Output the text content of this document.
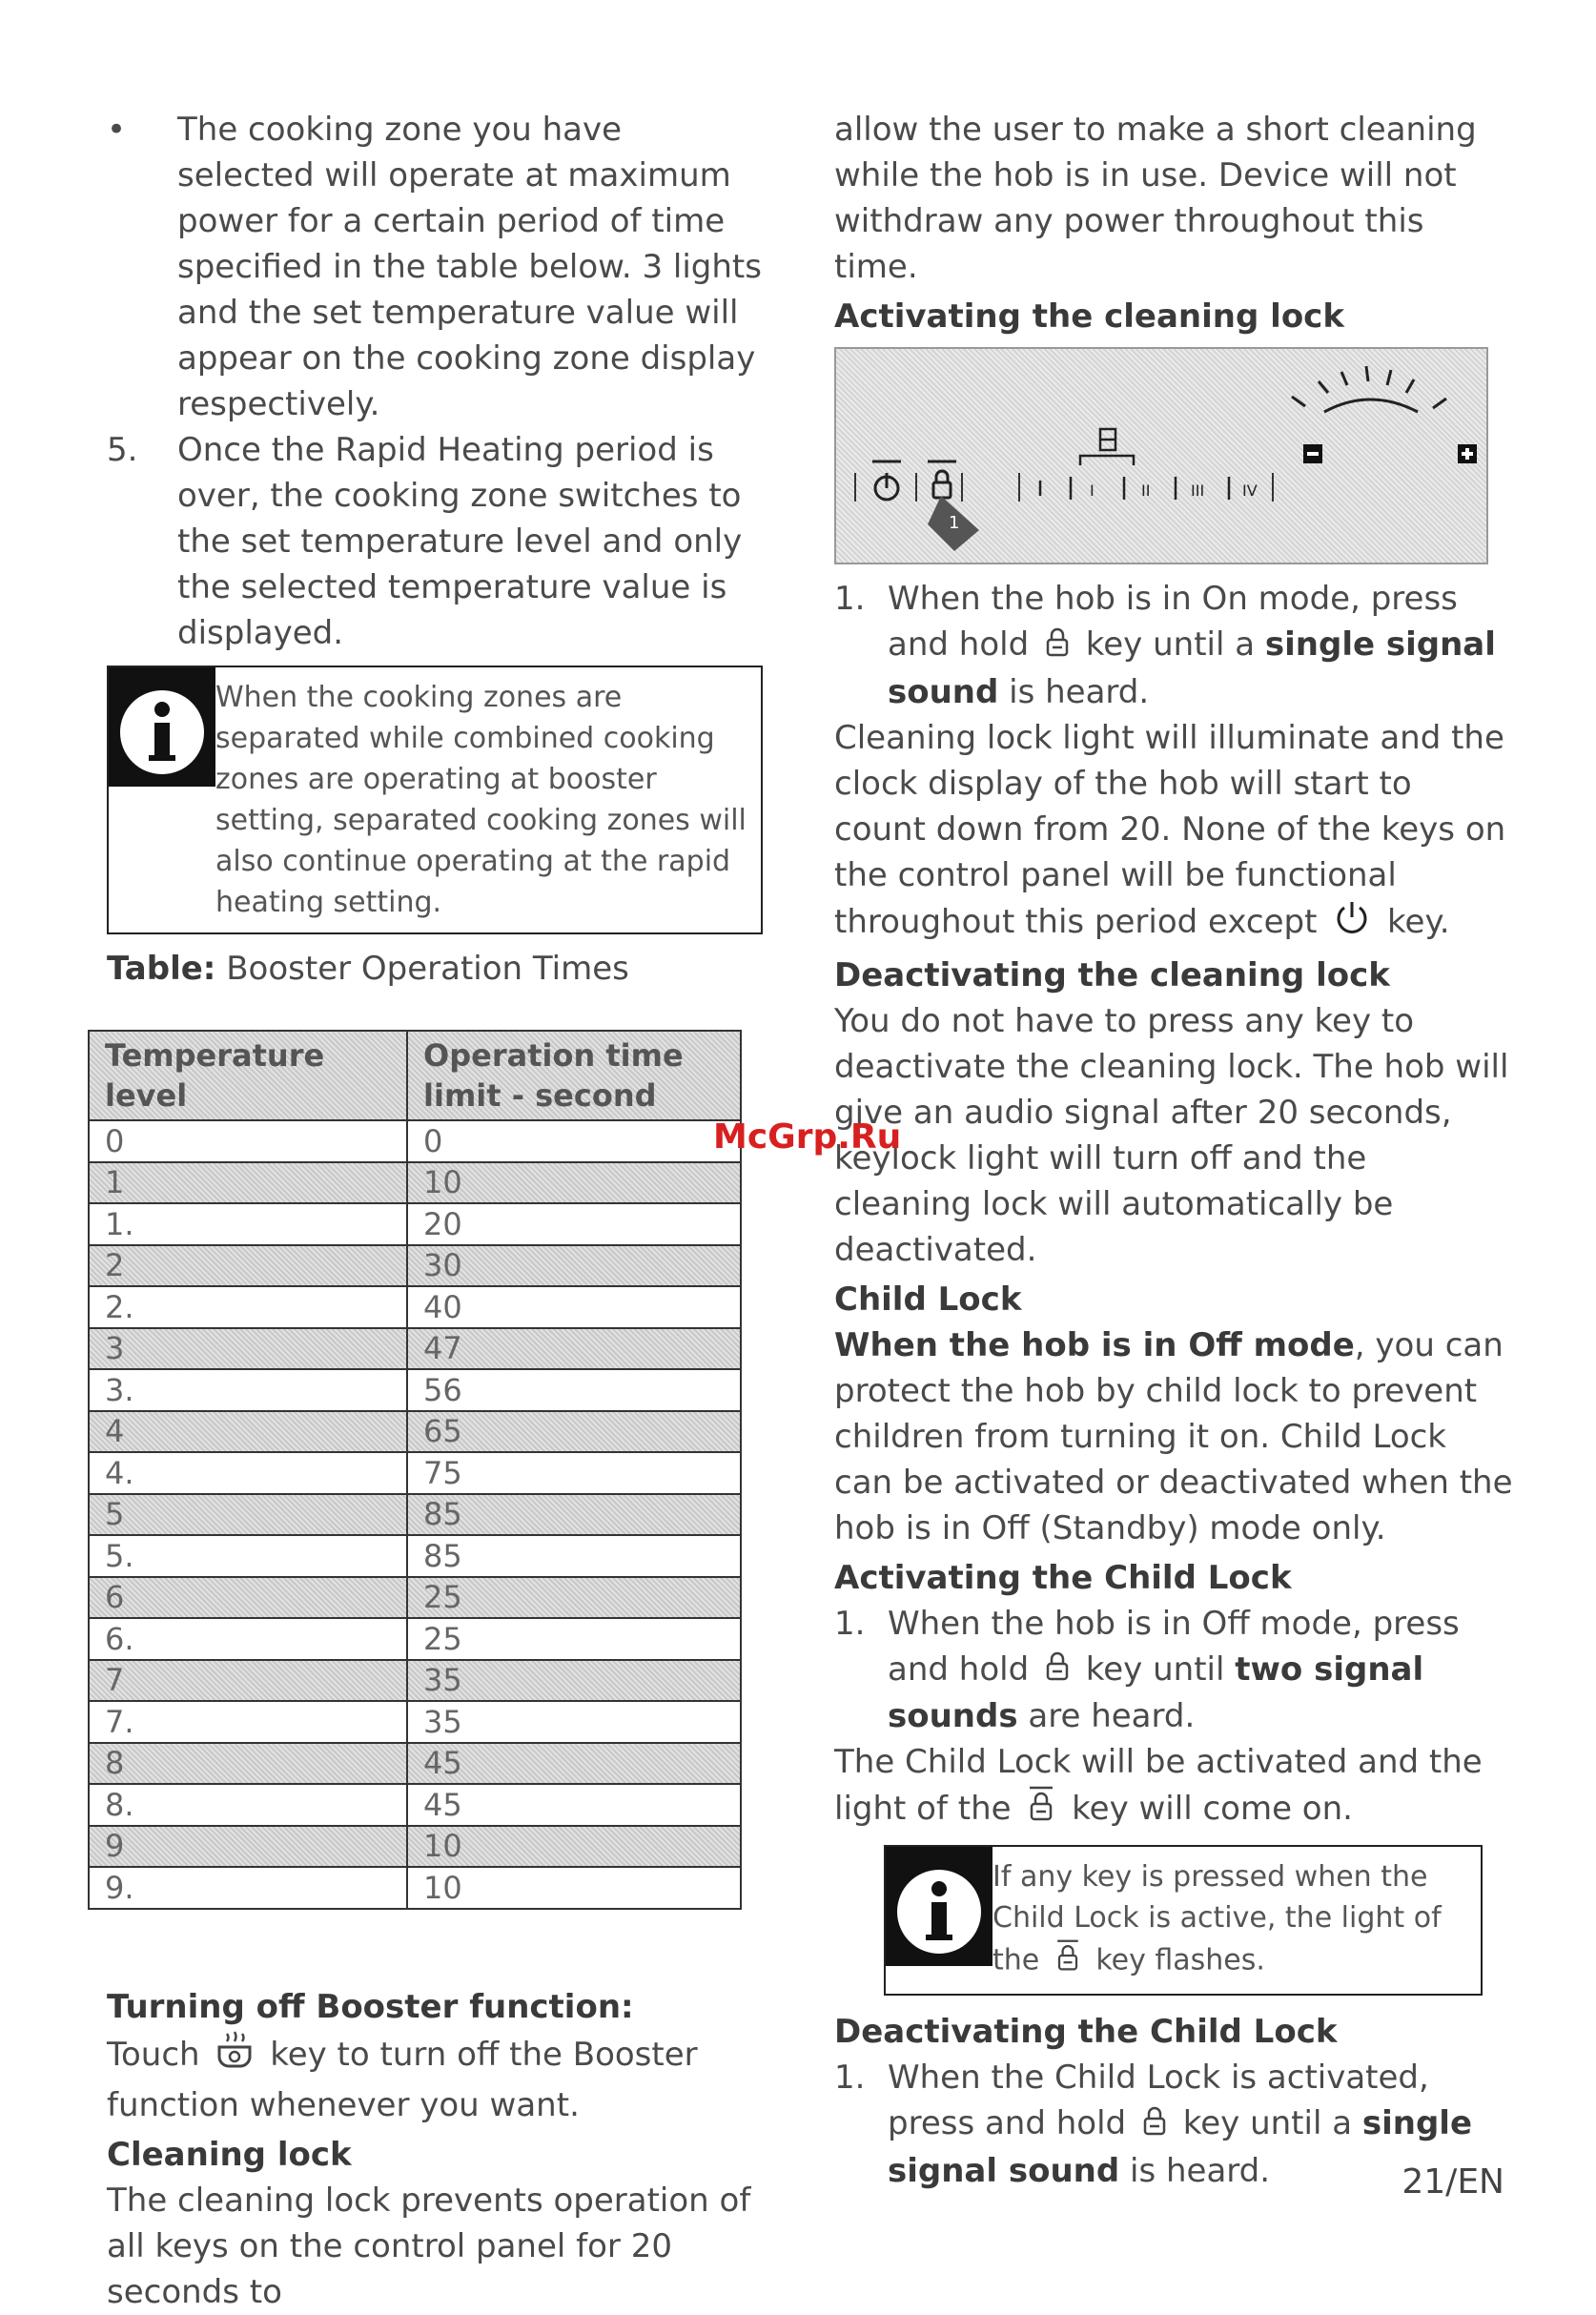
•	The cooking zone you have selected will operate at maximum power for a certain period of time specified in the table below. 3 lights and the set temperature value will appear on the cooking zone display respectively.
5.	Once the Rapid Heating period is over, the cooking zone switches to the set temperature level and only the selected temperature value is displayed.
When the cooking zones are separated while combined cooking zones are operating at booster setting, separated cooking zones will also continue operating at the rapid heating setting.

Table: Booster Operation Times

Temperature level	Operation time limit - second
0	0
1	10
1.	20
2	30
2.	40
3	47
3.	56
4	65
4.	75
5	85
5.	85
6	25
6.	25
7	35
7.	35
8	45
8.	45
9	10
9.	10

Turning off Booster function:

Touch key to turn off the Booster function whenever you want.

Cleaning lock

The cleaning lock prevents operation of all keys on the control panel for 20 seconds to

allow the user to make a short cleaning while the hob is in use. Device will not withdraw any power throughout this time.

Activating the cleaning lock

I	II	III IV
1
1. When the hob is in On mode, press and hold key until a single signal sound is heard.

Cleaning lock light will illuminate and the clock display of the hob will start to count down from 20. None of the keys on the control panel will be functional throughout this period except key.

Deactivating the cleaning lock

You do not have to press any key to deactivate the cleaning lock. The hob will give an audio signal after 20 seconds, keylock light will turn off and the cleaning lock will automatically be deactivated.

Child Lock

When the hob is in Off mode, you can protect the hob by child lock to prevent children from turning it on. Child Lock can be activated or deactivated when the hob is in Off (Standby) mode only.

Activating the Child Lock

1. When the hob is in Off mode, press and hold key until two signal sounds are heard.

The Child Lock will be activated and the light of the key will come on.

If any key is pressed when the Child Lock is active, the light of the key flashes.

Deactivating the Child Lock

1. When the Child Lock is activated, press and hold key until a single signal sound is heard.
McGrp.Ru
21/EN
